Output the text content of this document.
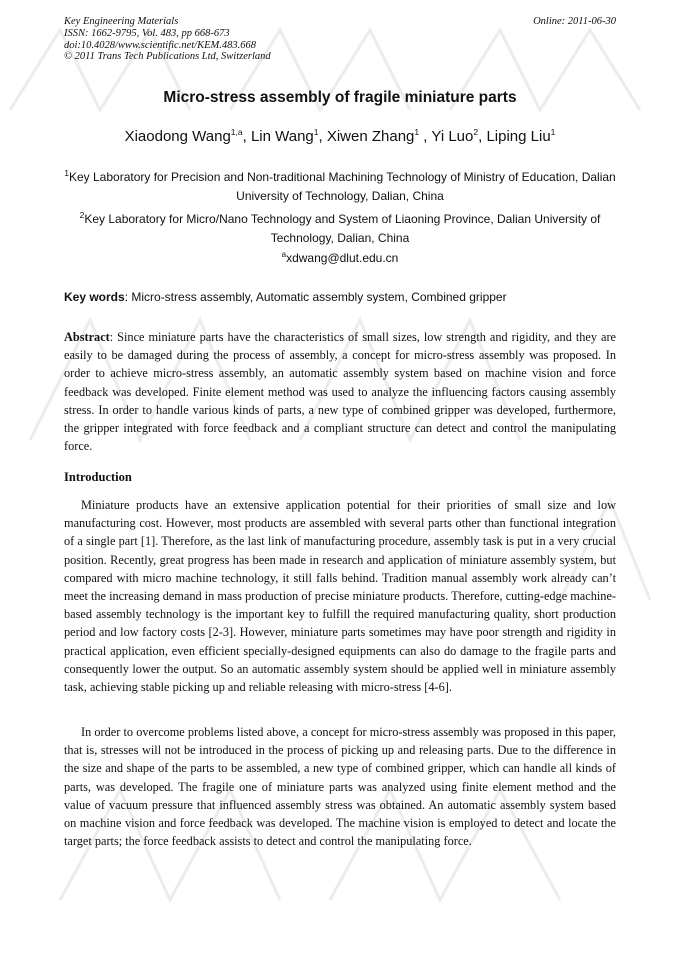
Key Engineering Materials
ISSN: 1662-9795, Vol. 483, pp 668-673
doi:10.4028/www.scientific.net/KEM.483.668
© 2011 Trans Tech Publications Ltd, Switzerland
Online: 2011-06-30
Micro-stress assembly of fragile miniature parts
Xiaodong Wang$^{1,a}$, Lin Wang$^1$, Xiwen Zhang$^1$ , Yi Luo$^2$, Liping Liu$^1$
$^1$Key Laboratory for Precision and Non-traditional Machining Technology of Ministry of Education, Dalian University of Technology, Dalian, China
$^2$Key Laboratory for Micro/Nano Technology and System of Liaoning Province, Dalian University of Technology, Dalian, China
$^a$xdwang@dlut.edu.cn
Key words: Micro-stress assembly, Automatic assembly system, Combined gripper
Abstract: Since miniature parts have the characteristics of small sizes, low strength and rigidity, and they are easily to be damaged during the process of assembly, a concept for micro-stress assembly was proposed. In order to achieve micro-stress assembly, an automatic assembly system based on machine vision and force feedback was developed. Finite element method was used to analyze the influencing factors causing assembly stress. In order to handle various kinds of parts, a new type of combined gripper was developed, furthermore, the gripper integrated with force feedback and a compliant structure can detect and control the manipulating force.
Introduction

Miniature products have an extensive application potential for their priorities of small size and low manufacturing cost. However, most products are assembled with several parts other than functional integration of a single part [1]. Therefore, as the last link of manufacturing procedure, assembly task is put in a very crucial position. Recently, great progress has been made in research and application of miniature assembly system, but compared with micro machine technology, it still falls behind. Tradition manual assembly work already can’t meet the increasing demand in mass production of precise miniature products. Therefore, cutting-edge machine-based assembly technology is the important key to fulfill the required manufacturing quality, short production period and low factory costs [2-3]. However, miniature parts sometimes may have poor strength and rigidity in practical application, even efficient specially-designed equipments can also do damage to the fragile parts and consequently lower the output. So an automatic assembly system should be applied well in miniature assembly task, achieving stable picking up and reliable releasing with micro-stress [4-6].

In order to overcome problems listed above, a concept for micro-stress assembly was proposed in this paper, that is, stresses will not be introduced in the process of picking up and releasing parts. Due to the difference in the size and shape of the parts to be assembled, a new type of combined gripper, which can handle all kinds of parts, was developed. The fragile one of miniature parts was analyzed using finite element method and the value of vacuum pressure that influenced assembly stress was obtained. An automatic assembly system based on machine vision and force feedback was developed. The machine vision is employed to detect and locate the target parts; the force feedback assists to detect and control the manipulating force.
